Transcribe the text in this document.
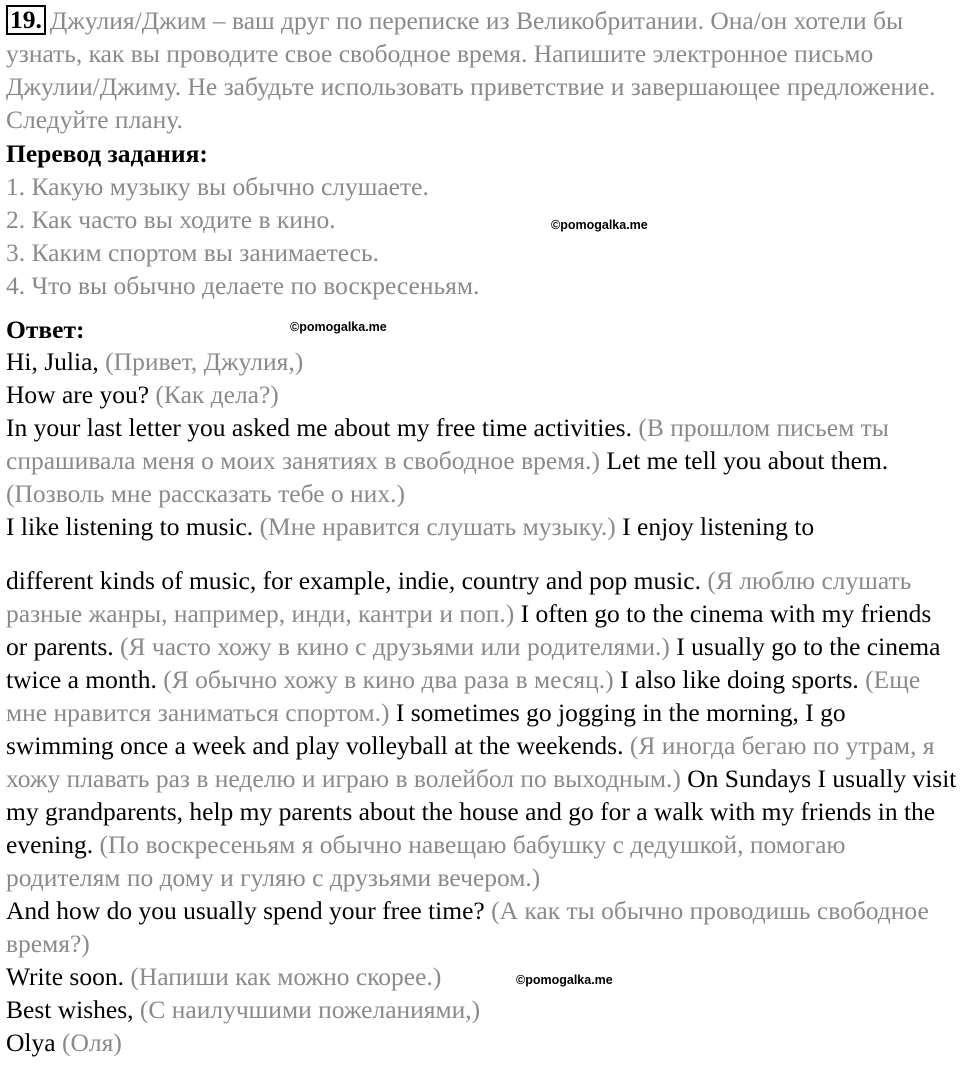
19. Джулия/Джим – ваш друг по переписке из Великобритании. Она/он хотели бы узнать, как вы проводите свое свободное время. Напишите электронное письмо Джулии/Джиму. Не забудьте использовать приветствие и завершающее предложение. Следуйте плану.
Перевод задания:
1. Какую музыку вы обычно слушаете.
2. Как часто вы ходите в кино.
3. Каким спортом вы занимаетесь.
4. Что вы обычно делаете по воскресеньям.
Ответ:
Hi, Julia, (Привет, Джулия,)
How are you? (Как дела?)
In your last letter you asked me about my free time activities. (В прошлом письем ты спрашивала меня о моих занятиях в свободное время.) Let me tell you about them. (Позволь мне рассказать тебе о них.)
I like listening to music. (Мне нравится слушать музыку.) I enjoy listening to
different kinds of music, for example, indie, country and pop music. (Я люблю слушать разные жанры, например, инди, кантри и поп.) I often go to the cinema with my friends or parents. (Я часто хожу в кино с друзьями или родителями.) I usually go to the cinema twice a month. (Я обычно хожу в кино два раза в месяц.) I also like doing sports. (Еще мне нравится заниматься спортом.) I sometimes go jogging in the morning, I go swimming once a week and play volleyball at the weekends. (Я иногда бегаю по утрам, я хожу плавать раз в неделю и играю в волейбол по выходным.) On Sundays I usually visit my grandparents, help my parents about the house and go for a walk with my friends in the evening. (По воскресеньям я обычно навещаю бабушку с дедушкой, помогаю родителям по дому и гуляю с друзьями вечером.)
And how do you usually spend your free time? (А как ты обычно проводишь свободное время?)
Write soon. (Напиши как можно скорее.)
Best wishes, (С наилучшими пожеланиями,)
Olya (Оля)
©pomogalka.me
©pomogalka.me
©pomogalka.me
